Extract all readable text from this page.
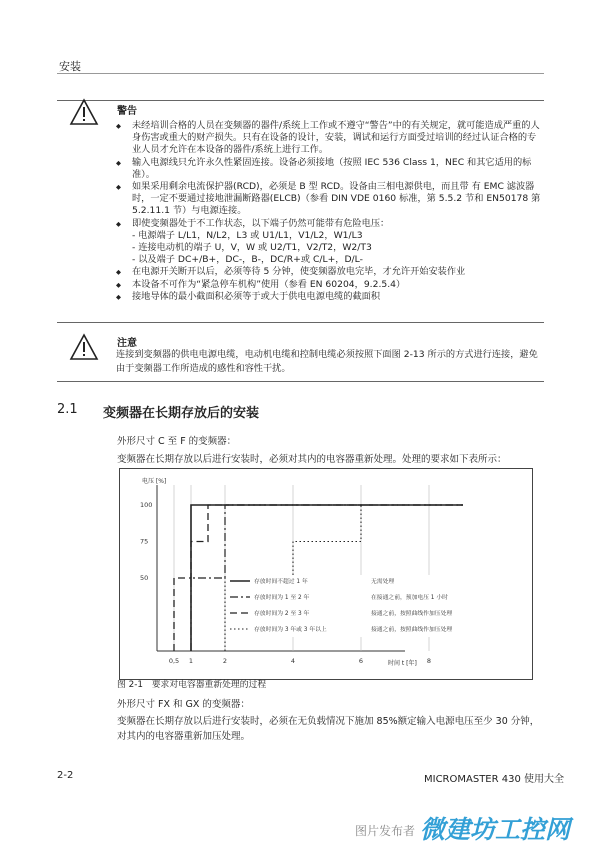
安装
警告
◆ 未经培训合格的人员在变频器的器件/系统上工作或不遵守“警告”中的有关规定，就可能造成严重的人身伤害或重大的财产损失。只有在设备的设计，安装，调试和运行方面受过培训的经过认证合格的专业人员才允许在本设备的器件/系统上进行工作。
◆ 输入电源线只允许永久性紧固连接。设备必须接地（按照 IEC 536 Class 1，NEC 和其它适用的标准）。
◆ 如果采用剩余电流保护器(RCD)，必须是 B 型 RCD。设备由三相电源供电，而且带 有 EMC 滤波器时，一定不要通过接地泄漏断路器(ELCB)（参看 DIN VDE 0160 标准，第 5.5.2 节和 EN50178 第 5.2.11.1 节）与电源连接。
◆ 即使变频器处于不工作状态，以下端子仍然可能带有危险电压：
- 电源端子 L/L1，N/L2，L3 或 U1/L1，V1/L2，W1/L3
- 连接电动机的端子 U，V，W 或 U2/T1，V2/T2，W2/T3
- 以及端子 DC+/B+，DC-，B-，DC/R+或 C/L+，D/L-
◆ 在电源开关断开以后，必须等待 5 分钟，使变频器放电完毕，才允许开始安装作业
◆ 本设备不可作为“紧急停车机构”使用（参看 EN 60204，9.2.5.4）
◆ 接地导体的最小截面积必须等于或大于供电电源电缆的截面积
注意
连接到变频器的供电电源电缆，电动机电缆和控制电缆必须按照下面图 2-13 所示的方式进行连接，避免由于变频器工作所造成的感性和容性干扰。
2.1 变频器在长期存放后的安装
外形尺寸 C 至 F 的变频器：
变频器在长期存放以后进行安装时，必须对其内的电容器重新处理。处理的要求如下表所示：
电压 [%]
时间 t [年]
0,5 1	2	4	6	8
50
75
100
存放时间不超过 1 年	无需处理
存放时间为 1 至 2 年	在接通之前，预加电压 1 小时
存放时间为 2 至 3 年	接通之前，按照曲线作加压处理
存放时间为 3 年或 3 年以上	接通之前，按照曲线作加压处理
图 2-1　要求对电容器重新处理的过程
外形尺寸 FX 和 GX 的变频器：
变频器在长期存放以后进行安装时，必须在无负载情况下施加 85%额定输入电源电压至少 30 分钟，对其内的电容器重新加压处理。
2-2	MICROMASTER 430 使用大全
图片发布者 微建坊工控网
